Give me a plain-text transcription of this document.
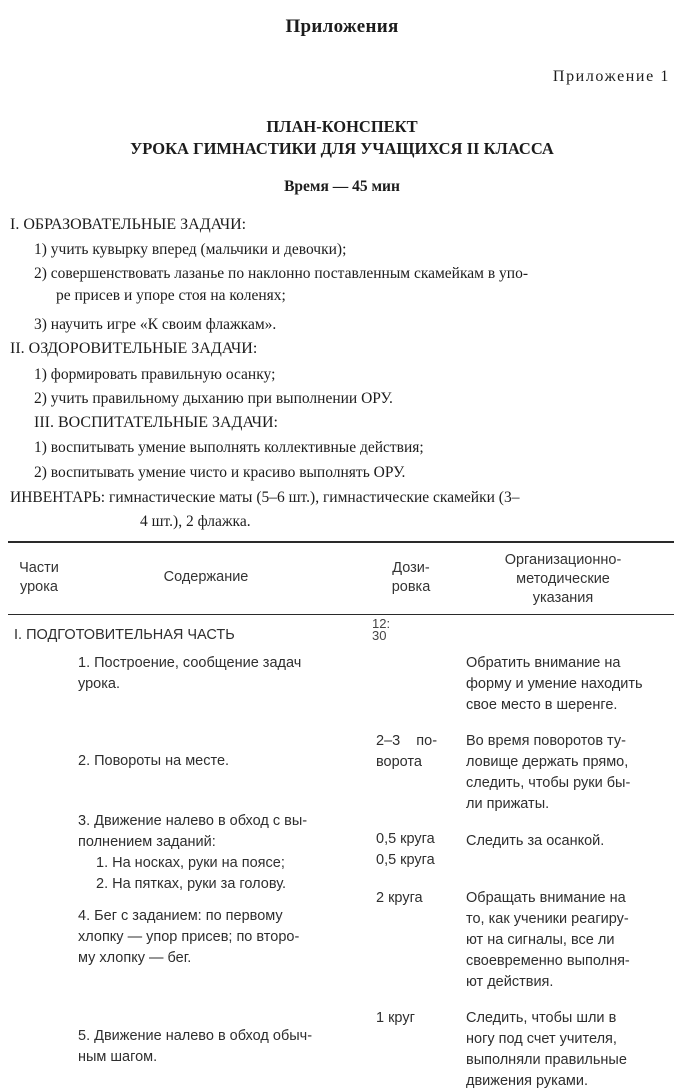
Приложения
Приложение 1
ПЛАН-КОНСПЕКТ
УРОКА ГИМНАСТИКИ ДЛЯ УЧАЩИХСЯ II КЛАССА
Время — 45 мин
I. ОБРАЗОВАТЕЛЬНЫЕ ЗАДАЧИ:
1) учить кувырку вперед (мальчики и девочки);
2) совершенствовать лазанье по наклонно поставленным скамейкам в упо-
ре присев и упоре стоя на коленях;
3) научить игре «К своим флажкам».
II. ОЗДОРОВИТЕЛЬНЫЕ ЗАДАЧИ:
1) формировать правильную осанку;
2) учить правильному дыханию при выполнении ОРУ.
III. ВОСПИТАТЕЛЬНЫЕ ЗАДАЧИ:
1) воспитывать умение выполнять коллективные действия;
2) воспитывать умение чисто и красиво выполнять ОРУ.
ИНВЕНТАРЬ: гимнастические маты (5–6 шт.), гимнастические скамейки (3–
4 шт.), 2 флажка.
Части
урока
Содержание
Дози-
ровка
Организационно-
методические
указания
I. ПОДГОТОВИТЕЛЬНАЯ ЧАСТЬ
12:
30
1. Построение, сообщение задач
урока.
Обратить внимание на
форму и умение находить
свое место в шеренге.
2. Повороты на месте.
2–3    по-
ворота
Во время поворотов ту-
ловище держать прямо,
следить, чтобы руки бы-
ли прижаты.
3. Движение налево в обход с вы-
полнением заданий:
1. На носках, руки на поясе;
2. На пятках, руки за голову.
0,5 круга
0,5 круга
Следить за осанкой.
4. Бег с заданием: по первому
хлопку — упор присев; по второ-
му хлопку — бег.
2 круга	Обращать внимание на
то, как ученики реагиру-
ют на сигналы, все ли
своевременно выполня-
ют действия.
5. Движение налево в обход обыч-
ным шагом.
1 круг	Следить, чтобы шли в
ногу под счет учителя,
выполняли правильные
движения руками.
